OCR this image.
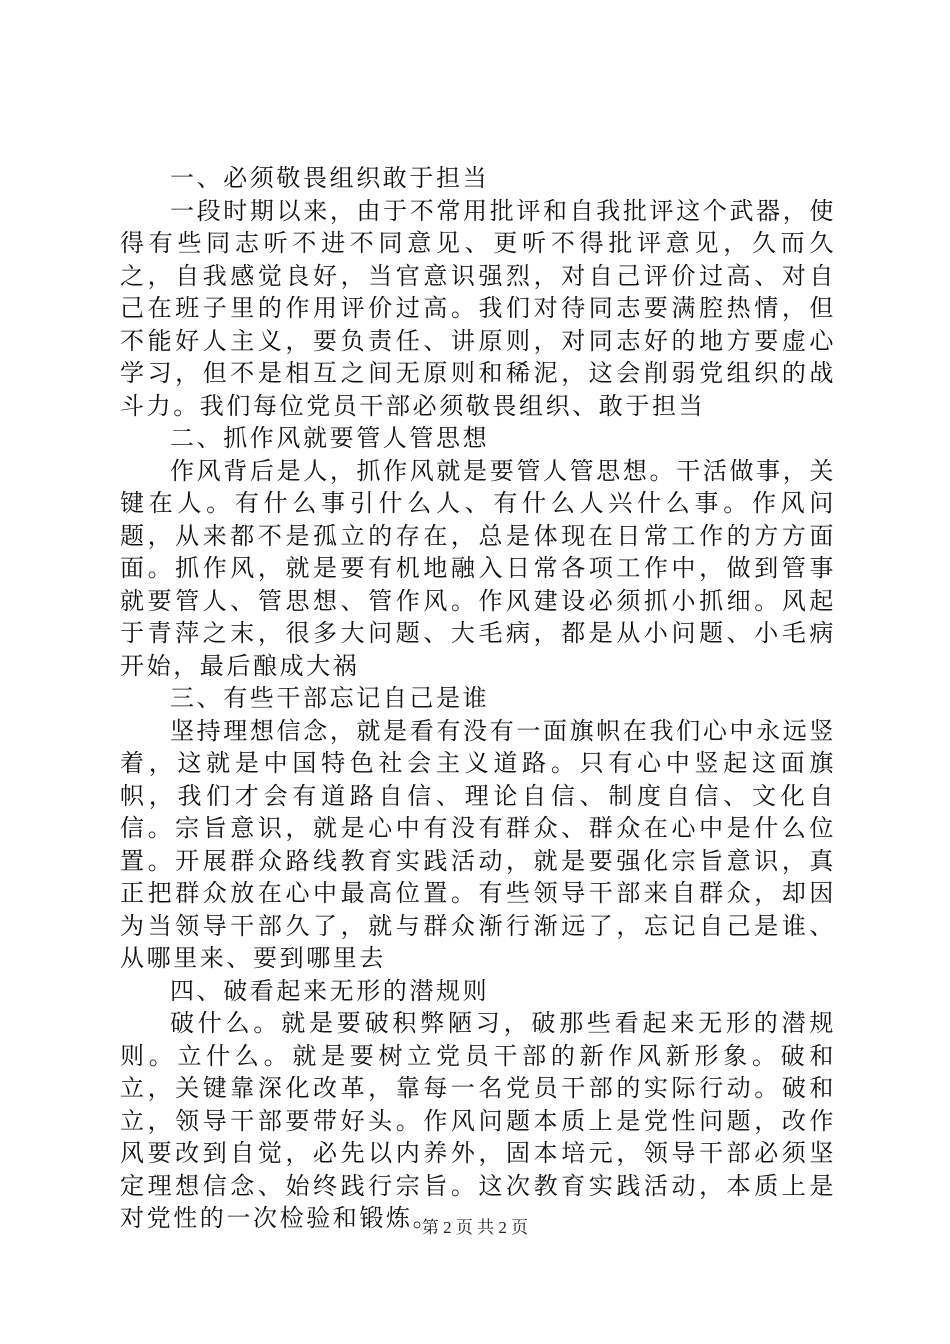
一、必须敬畏组织敢于担当

一段时期以来，由于不常用批评和自我批评这个武器，使得有些同志听不进不同意见、更听不得批评意见，久而久之，自我感觉良好，当官意识强烈，对自己评价过高、对自己在班子里的作用评价过高。我们对待同志要满腔热情，但不能好人主义，要负责任、讲原则，对同志好的地方要虚心学习，但不是相互之间无原则和稀泥，这会削弱党组织的战斗力。我们每位党员干部必须敬畏组织、敢于担当

二、抓作风就要管人管思想

作风背后是人，抓作风就是要管人管思想。干活做事，关键在人。有什么事引什么人、有什么人兴什么事。作风问题，从来都不是孤立的存在，总是体现在日常工作的方方面面。抓作风，就是要有机地融入日常各项工作中，做到管事就要管人、管思想、管作风。作风建设必须抓小抓细。风起于青萍之末，很多大问题、大毛病，都是从小问题、小毛病开始，最后酿成大祸

三、有些干部忘记自己是谁

坚持理想信念，就是看有没有一面旗帜在我们心中永远竖着，这就是中国特色社会主义道路。只有心中竖起这面旗帜，我们才会有道路自信、理论自信、制度自信、文化自信。宗旨意识，就是心中有没有群众、群众在心中是什么位置。开展群众路线教育实践活动，就是要强化宗旨意识，真正把群众放在心中最高位置。有些领导干部来自群众，却因为当领导干部久了，就与群众渐行渐远了，忘记自己是谁、从哪里来、要到哪里去

四、破看起来无形的潜规则

破什么。就是要破积弊陋习，破那些看起来无形的潜规则。立什么。就是要树立党员干部的新作风新形象。破和立，关键靠深化改革，靠每一名党员干部的实际行动。破和立，领导干部要带好头。作风问题本质上是党性问题，改作风要改到自觉，必先以内养外，固本培元，领导干部必须坚定理想信念、始终践行宗旨。这次教育实践活动，本质上是对党性的一次检验和锻炼。

第 2 页 共 2 页
